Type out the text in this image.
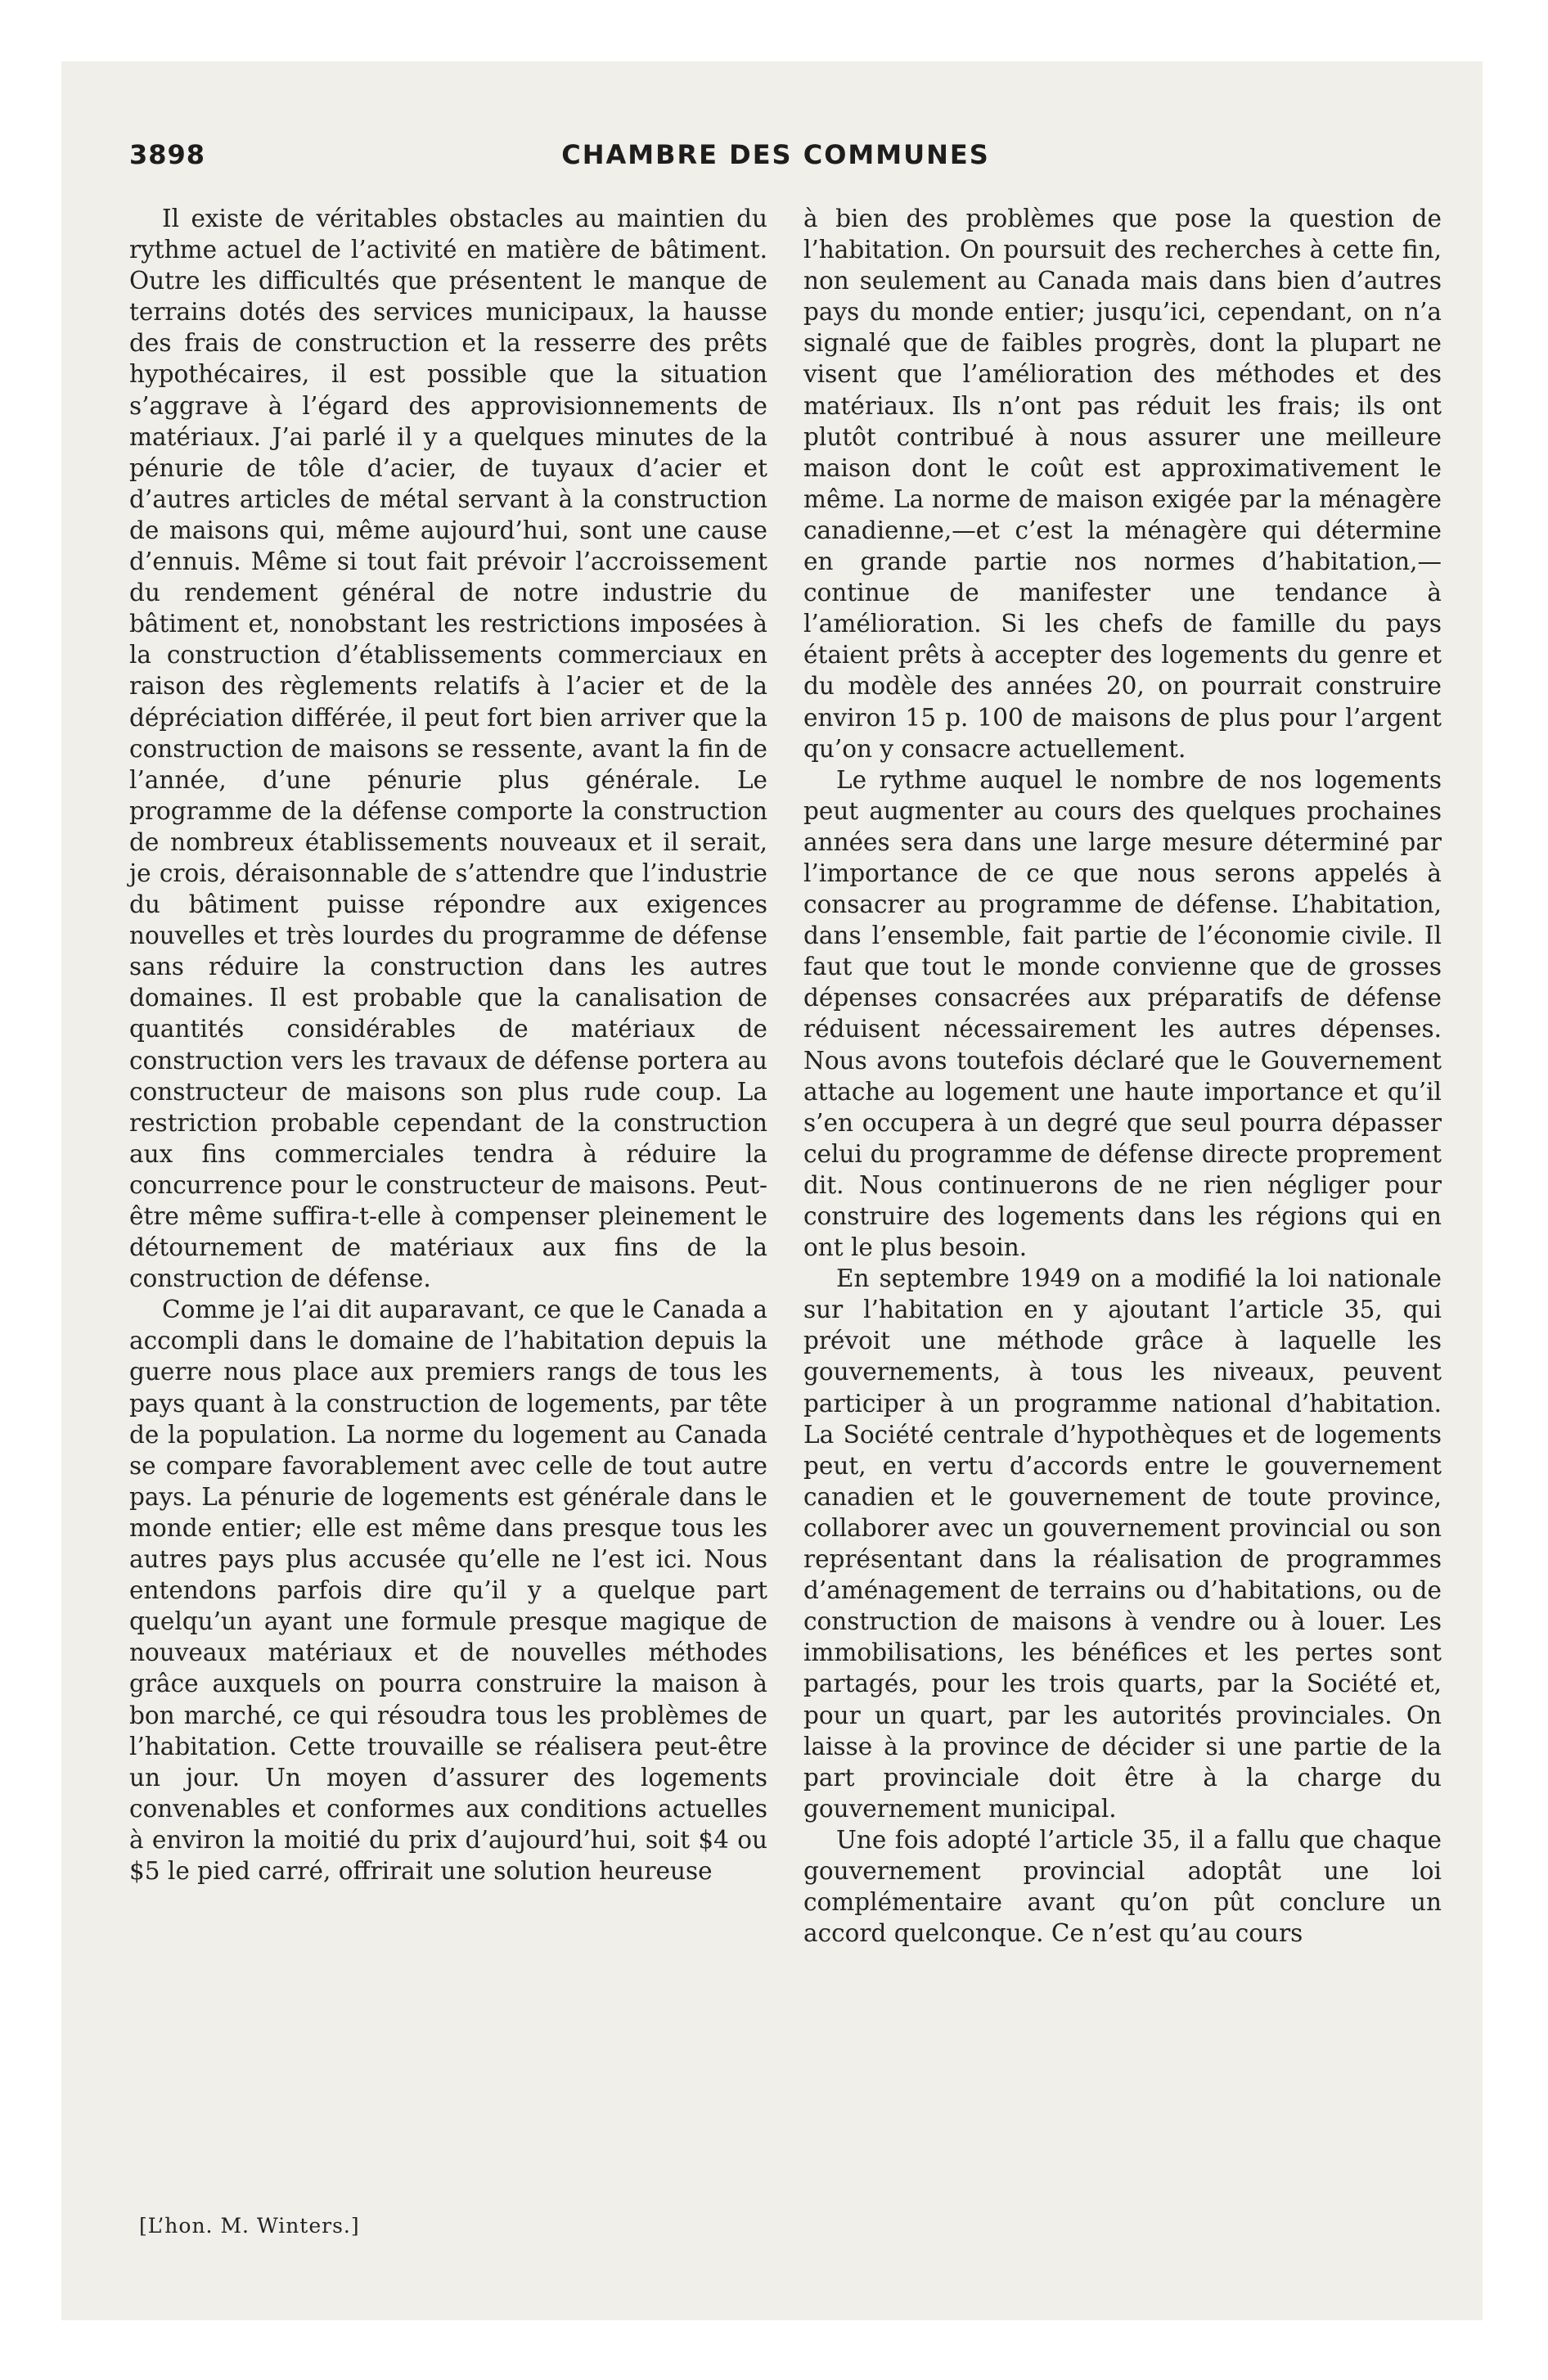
3898	CHAMBRE DES COMMUNES

Il existe de véritables obstacles au maintien du rythme actuel de l’activité en matière de bâtiment. Outre les difficultés que présentent le manque de terrains dotés des services municipaux, la hausse des frais de construction et la resserre des prêts hypothécaires, il est possible que la situation s’aggrave à l’égard des approvisionnements de matériaux. J’ai parlé il y a quelques minutes de la pénurie de tôle d’acier, de tuyaux d’acier et d’autres articles de métal servant à la construction de maisons qui, même aujourd’hui, sont une cause d’ennuis. Même si tout fait prévoir l’accroissement du rendement général de notre industrie du bâtiment et, nonobstant les restrictions imposées à la construction d’établissements commerciaux en raison des règlements relatifs à l’acier et de la dépréciation différée, il peut fort bien arriver que la construction de maisons se ressente, avant la fin de l’année, d’une pénurie plus générale. Le programme de la défense comporte la construction de nombreux établissements nouveaux et il serait, je crois, déraisonnable de s’attendre que l’industrie du bâtiment puisse répondre aux exigences nouvelles et très lourdes du programme de défense sans réduire la construction dans les autres domaines. Il est probable que la canalisation de quantités considérables de matériaux de construction vers les travaux de défense portera au constructeur de maisons son plus rude coup. La restriction probable cependant de la construction aux fins commerciales tendra à réduire la concurrence pour le constructeur de maisons. Peut-être même suffira-t-elle à compenser pleinement le détournement de matériaux aux fins de la construction de défense.

Comme je l’ai dit auparavant, ce que le Canada a accompli dans le domaine de l’habitation depuis la guerre nous place aux premiers rangs de tous les pays quant à la construction de logements, par tête de la population. La norme du logement au Canada se compare favorablement avec celle de tout autre pays. La pénurie de logements est générale dans le monde entier; elle est même dans presque tous les autres pays plus accusée qu’elle ne l’est ici. Nous entendons parfois dire qu’il y a quelque part quelqu’un ayant une formule presque magique de nouveaux matériaux et de nouvelles méthodes grâce auxquels on pourra construire la maison à bon marché, ce qui résoudra tous les problèmes de l’habitation. Cette trouvaille se réalisera peut-être un jour. Un moyen d’assurer des logements convenables et conformes aux conditions actuelles à environ la moitié du prix d’aujourd’hui, soit $4 ou $5 le pied carré, offrirait une solution heureuse

à bien des problèmes que pose la question de l’habitation. On poursuit des recherches à cette fin, non seulement au Canada mais dans bien d’autres pays du monde entier; jusqu’ici, cependant, on n’a signalé que de faibles progrès, dont la plupart ne visent que l’amélioration des méthodes et des matériaux. Ils n’ont pas réduit les frais; ils ont plutôt contribué à nous assurer une meilleure maison dont le coût est approximativement le même. La norme de maison exigée par la ménagère canadienne,—et c’est la ménagère qui détermine en grande partie nos normes d’habitation,—continue de manifester une tendance à l’amélioration. Si les chefs de famille du pays étaient prêts à accepter des logements du genre et du modèle des années 20, on pourrait construire environ 15 p. 100 de maisons de plus pour l’argent qu’on y consacre actuellement.

Le rythme auquel le nombre de nos logements peut augmenter au cours des quelques prochaines années sera dans une large mesure déterminé par l’importance de ce que nous serons appelés à consacrer au programme de défense. L’habitation, dans l’ensemble, fait partie de l’économie civile. Il faut que tout le monde convienne que de grosses dépenses consacrées aux préparatifs de défense réduisent nécessairement les autres dépenses. Nous avons toutefois déclaré que le Gouvernement attache au logement une haute importance et qu’il s’en occupera à un degré que seul pourra dépasser celui du programme de défense directe proprement dit. Nous continuerons de ne rien négliger pour construire des logements dans les régions qui en ont le plus besoin.

En septembre 1949 on a modifié la loi nationale sur l’habitation en y ajoutant l’article 35, qui prévoit une méthode grâce à laquelle les gouvernements, à tous les niveaux, peuvent participer à un programme national d’habitation. La Société centrale d’hypothèques et de logements peut, en vertu d’accords entre le gouvernement canadien et le gouvernement de toute province, collaborer avec un gouvernement provincial ou son représentant dans la réalisation de programmes d’aménagement de terrains ou d’habitations, ou de construction de maisons à vendre ou à louer. Les immobilisations, les bénéfices et les pertes sont partagés, pour les trois quarts, par la Société et, pour un quart, par les autorités provinciales. On laisse à la province de décider si une partie de la part provinciale doit être à la charge du gouvernement municipal.

Une fois adopté l’article 35, il a fallu que chaque gouvernement provincial adoptât une loi complémentaire avant qu’on pût conclure un accord quelconque. Ce n’est qu’au cours

[L’hon. M. Winters.]
